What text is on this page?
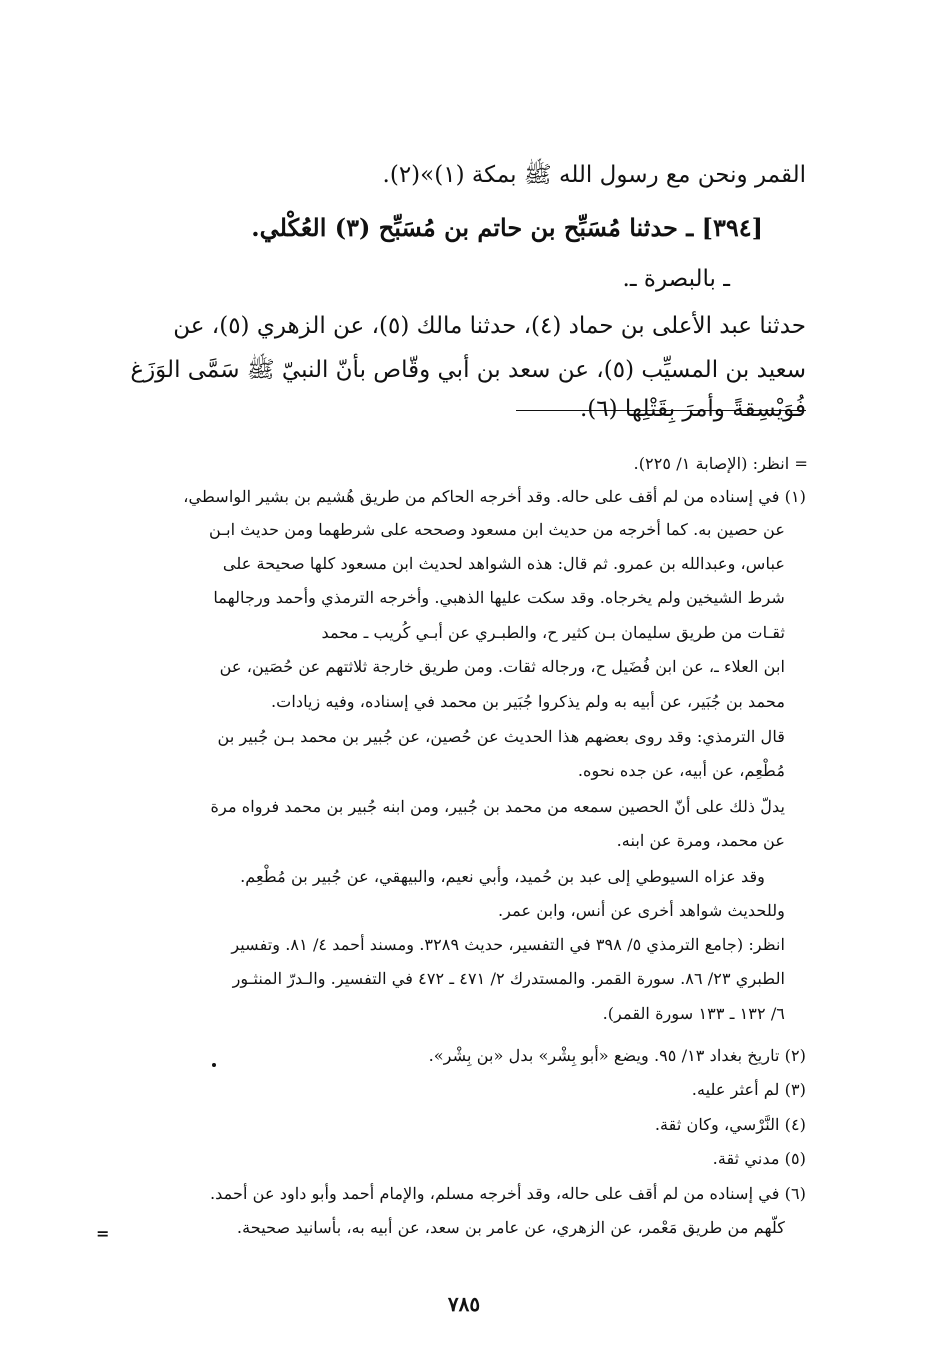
القمر ونحن مع رسول الله ﷺ بمكة (١)»(٢).
[٣٩٤] ـ حدثنا مُسَبِّح بن حاتم بن مُسَبِّح (٣) العُكْلي.
ـ بالبصرة ـ.
حدثنا عبد الأعلى بن حماد (٤)، حدثنا مالك (٥)، عن الزهري (٥)، عن
سعيد بن المسيِّب (٥)، عن سعد بن أبي وقّاص بأنّ النبيّ ﷺ سَمَّى الوَزَغ
فُوَيْسِقةً وأمرَ بِقَتْلِها (٦).
= انظر: (الإصابة ١/ ٢٢٥).
(١) في إسناده من لم أقف على حاله. وقد أخرجه الحاكم من طريق هُشيم بن بشير الواسطي،
عن حصين به. كما أخرجه من حديث ابن مسعود وصححه على شرطهما ومن حديث ابـن
عباس، وعبدالله بن عمرو. ثم قال: هذه الشواهد لحديث ابن مسعود كلها صحيحة على
شرط الشيخين ولم يخرجاه. وقد سكت عليها الذهبي. وأخرجه الترمذي وأحمد ورجالهما
ثقـات من طريق سليمان بـن كثير ح، والطبـري عن أبـي كُريب ـ محمد
ابن العلاء ـ، عن ابن فُضَيل ح، ورجاله ثقات. ومن طريق خارجة ثلاثتهم عن حُصَين، عن
محمد بن جُبَير، عن أبيه به ولم يذكروا جُبَير بن محمد في إسناده، وفيه زيادات.
قال الترمذي: وقد روى بعضهم هذا الحديث عن حُصين، عن جُبير بن محمد بـن جُبير بن
مُطْعِم، عن أبيه، عن جده نحوه.
يدلّ ذلك على أنّ الحصين سمعه من محمد بن جُبير، ومن ابنه جُبير بن محمد فرواه مرة
عن محمد، ومرة عن ابنه.
وقد عزاه السيوطي إلى عبد بن حُميد، وأبي نعيم، والبيهقي، عن جُبير بن مُطْعِم.
وللحديث شواهد أخرى عن أنس، وابن عمر.
انظر: (جامع الترمذي ٥/ ٣٩٨ في التفسير، حديث ٣٢٨٩. ومسند أحمد ٤/ ٨١. وتفسير
الطبري ٢٣/ ٨٦. سورة القمر. والمستدرك ٢/ ٤٧١ ـ ٤٧٢ في التفسير. والـدرّ المنثـور
٦/ ١٣٢ ـ ١٣٣ سورة القمر).
(٢) تاريخ بغداد ١٣/ ٩٥. ويضع «أبو بِشْر» بدل «بن بِشْر».
(٣) لم أعثر عليه.
(٤) النَّرْسي، وكان ثقة.
(٥) مدني ثقة.
(٦) في إسناده من لم أقف على حاله، وقد أخرجه مسلم، والإمام أحمد وأبو داود عن أحمد.
كلّهم من طريق مَعْمر، عن الزهري، عن عامر بن سعد، عن أبيه به، بأسانيد صحيحة.
=
٧٨٥
